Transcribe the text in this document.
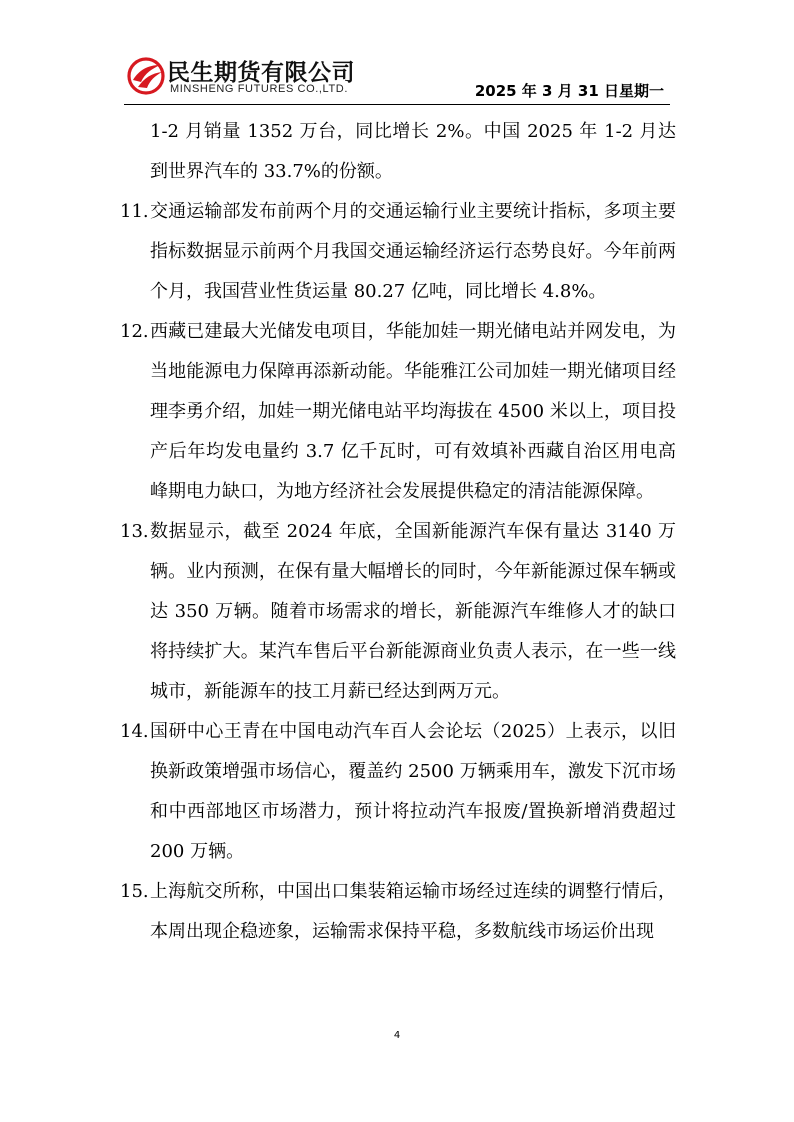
民生期货有限公司
MINSHENG FUTURES CO.,LTD.	2025 年 3 月 31 日星期一
1-2 月销量 1352 万台，同比增长 2%。中国 2025 年 1-2 月达到世界汽车的 33.7%的份额。
11. 交通运输部发布前两个月的交通运输行业主要统计指标，多项主要指标数据显示前两个月我国交通运输经济运行态势良好。今年前两个月，我国营业性货运量 80.27 亿吨，同比增长 4.8%。
12. 西藏已建最大光储发电项目，华能加娃一期光储电站并网发电，为当地能源电力保障再添新动能。华能雅江公司加娃一期光储项目经理李勇介绍，加娃一期光储电站平均海拔在 4500 米以上，项目投产后年均发电量约 3.7 亿千瓦时，可有效填补西藏自治区用电高峰期电力缺口，为地方经济社会发展提供稳定的清洁能源保障。
13. 数据显示，截至 2024 年底，全国新能源汽车保有量达 3140 万辆。业内预测，在保有量大幅增长的同时，今年新能源过保车辆或达 350 万辆。随着市场需求的增长，新能源汽车维修人才的缺口将持续扩大。某汽车售后平台新能源商业负责人表示，在一些一线城市，新能源车的技工月薪已经达到两万元。
14. 国研中心王青在中国电动汽车百人会论坛（2025）上表示，以旧换新政策增强市场信心，覆盖约 2500 万辆乘用车，激发下沉市场和中西部地区市场潜力，预计将拉动汽车报废/置换新增消费超过 200 万辆。
15. 上海航交所称，中国出口集装箱运输市场经过连续的调整行情后，本周出现企稳迹象，运输需求保持平稳，多数航线市场运价出现
4
